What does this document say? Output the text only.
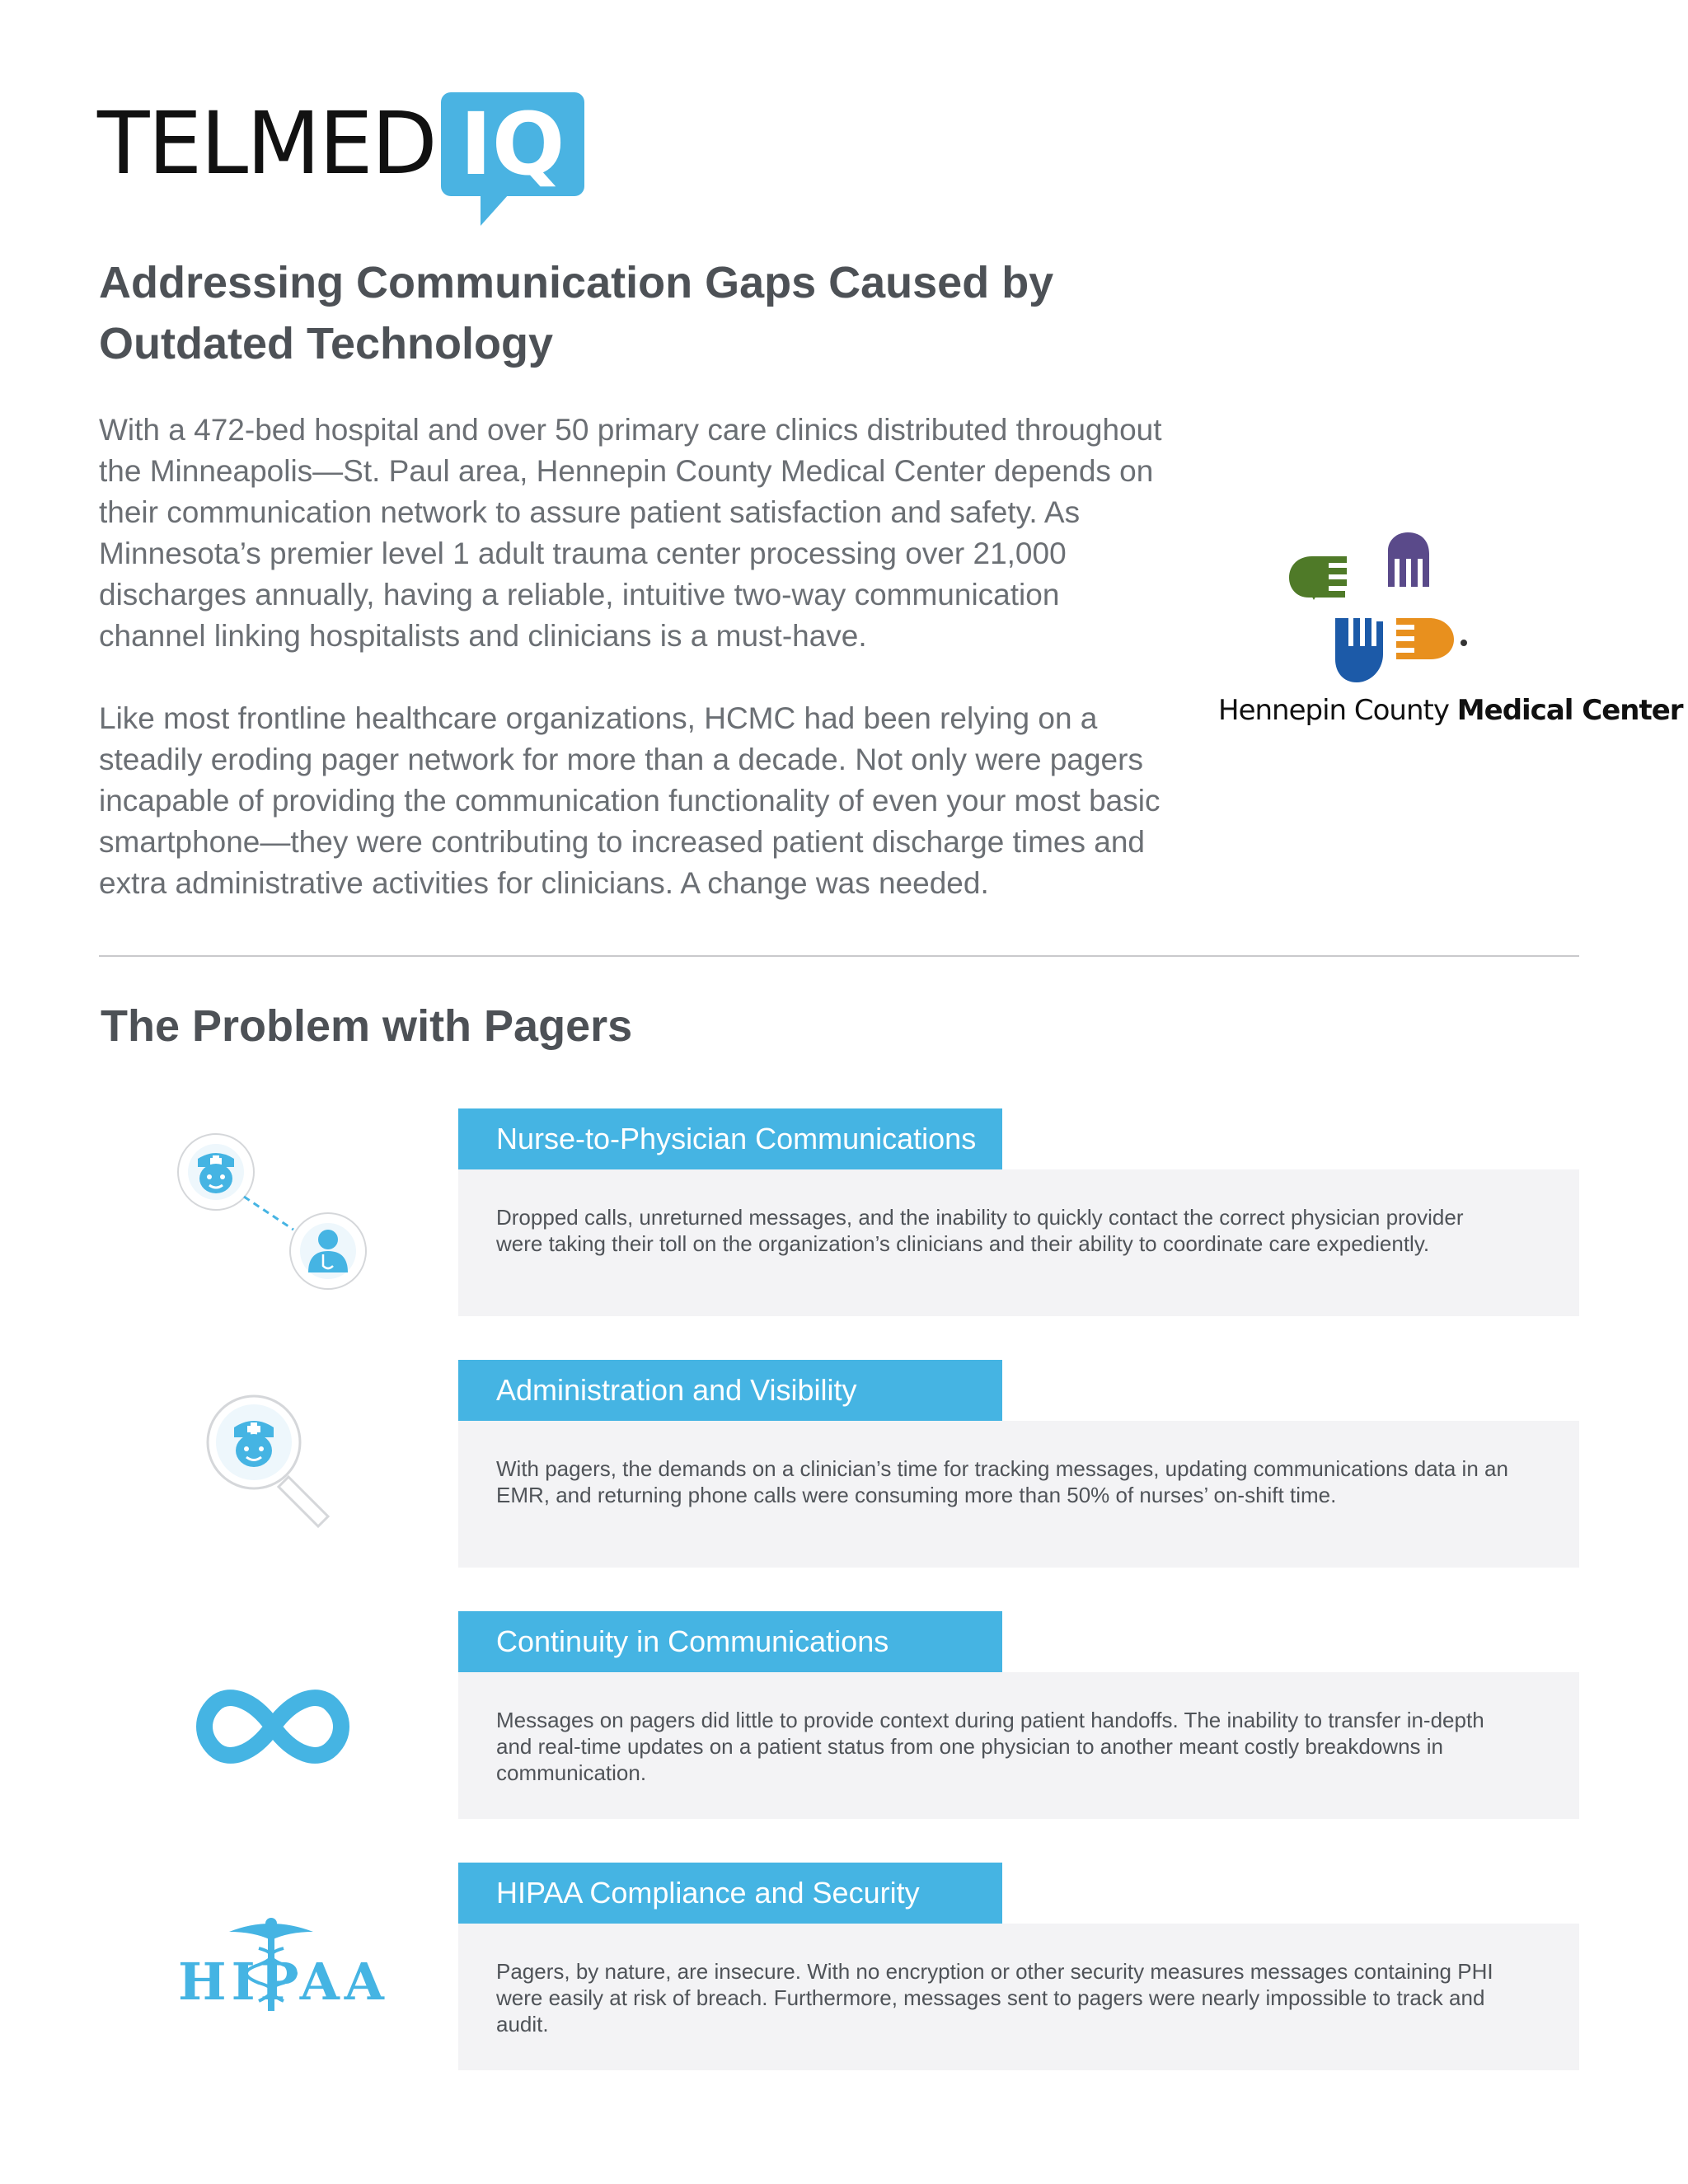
TELMED IQ
Addressing Communication Gaps Caused by Outdated Technology

With a 472-bed hospital and over 50 primary care clinics distributed throughout the Minneapolis—St. Paul area, Hennepin County Medical Center depends on their communication network to assure patient satisfaction and safety. As Minnesota’s premier level 1 adult trauma center processing over 21,000 discharges annually, having a reliable, intuitive two-way communication channel linking hospitalists and clinicians is a must-have.

Like most frontline healthcare organizations, HCMC had been relying on a steadily eroding pager network for more than a decade. Not only were pagers incapable of providing the communication functionality of even your most basic smartphone—they were contributing to increased patient discharge times and extra administrative activities for clinicians. A change was needed.

Hennepin County Medical Center
The Problem with Pagers
Nurse-to-Physician Communications

Dropped calls, unreturned messages, and the inability to quickly contact the correct physician provider were taking their toll on the organization’s clinicians and their ability to coordinate care expediently.

Administration and Visibility

With pagers, the demands on a clinician’s time for tracking messages, updating communications data in an EMR, and returning phone calls were consuming more than 50% of nurses’ on-shift time.

Continuity in Communications

Messages on pagers did little to provide context during patient handoffs. The inability to transfer in-depth and real-time updates on a patient status from one physician to another meant costly breakdowns in communication.

HIPAA
HIPAA Compliance and Security

Pagers, by nature, are insecure. With no encryption or other security measures messages containing PHI were easily at risk of breach. Furthermore, messages sent to pagers were nearly impossible to track and audit.
